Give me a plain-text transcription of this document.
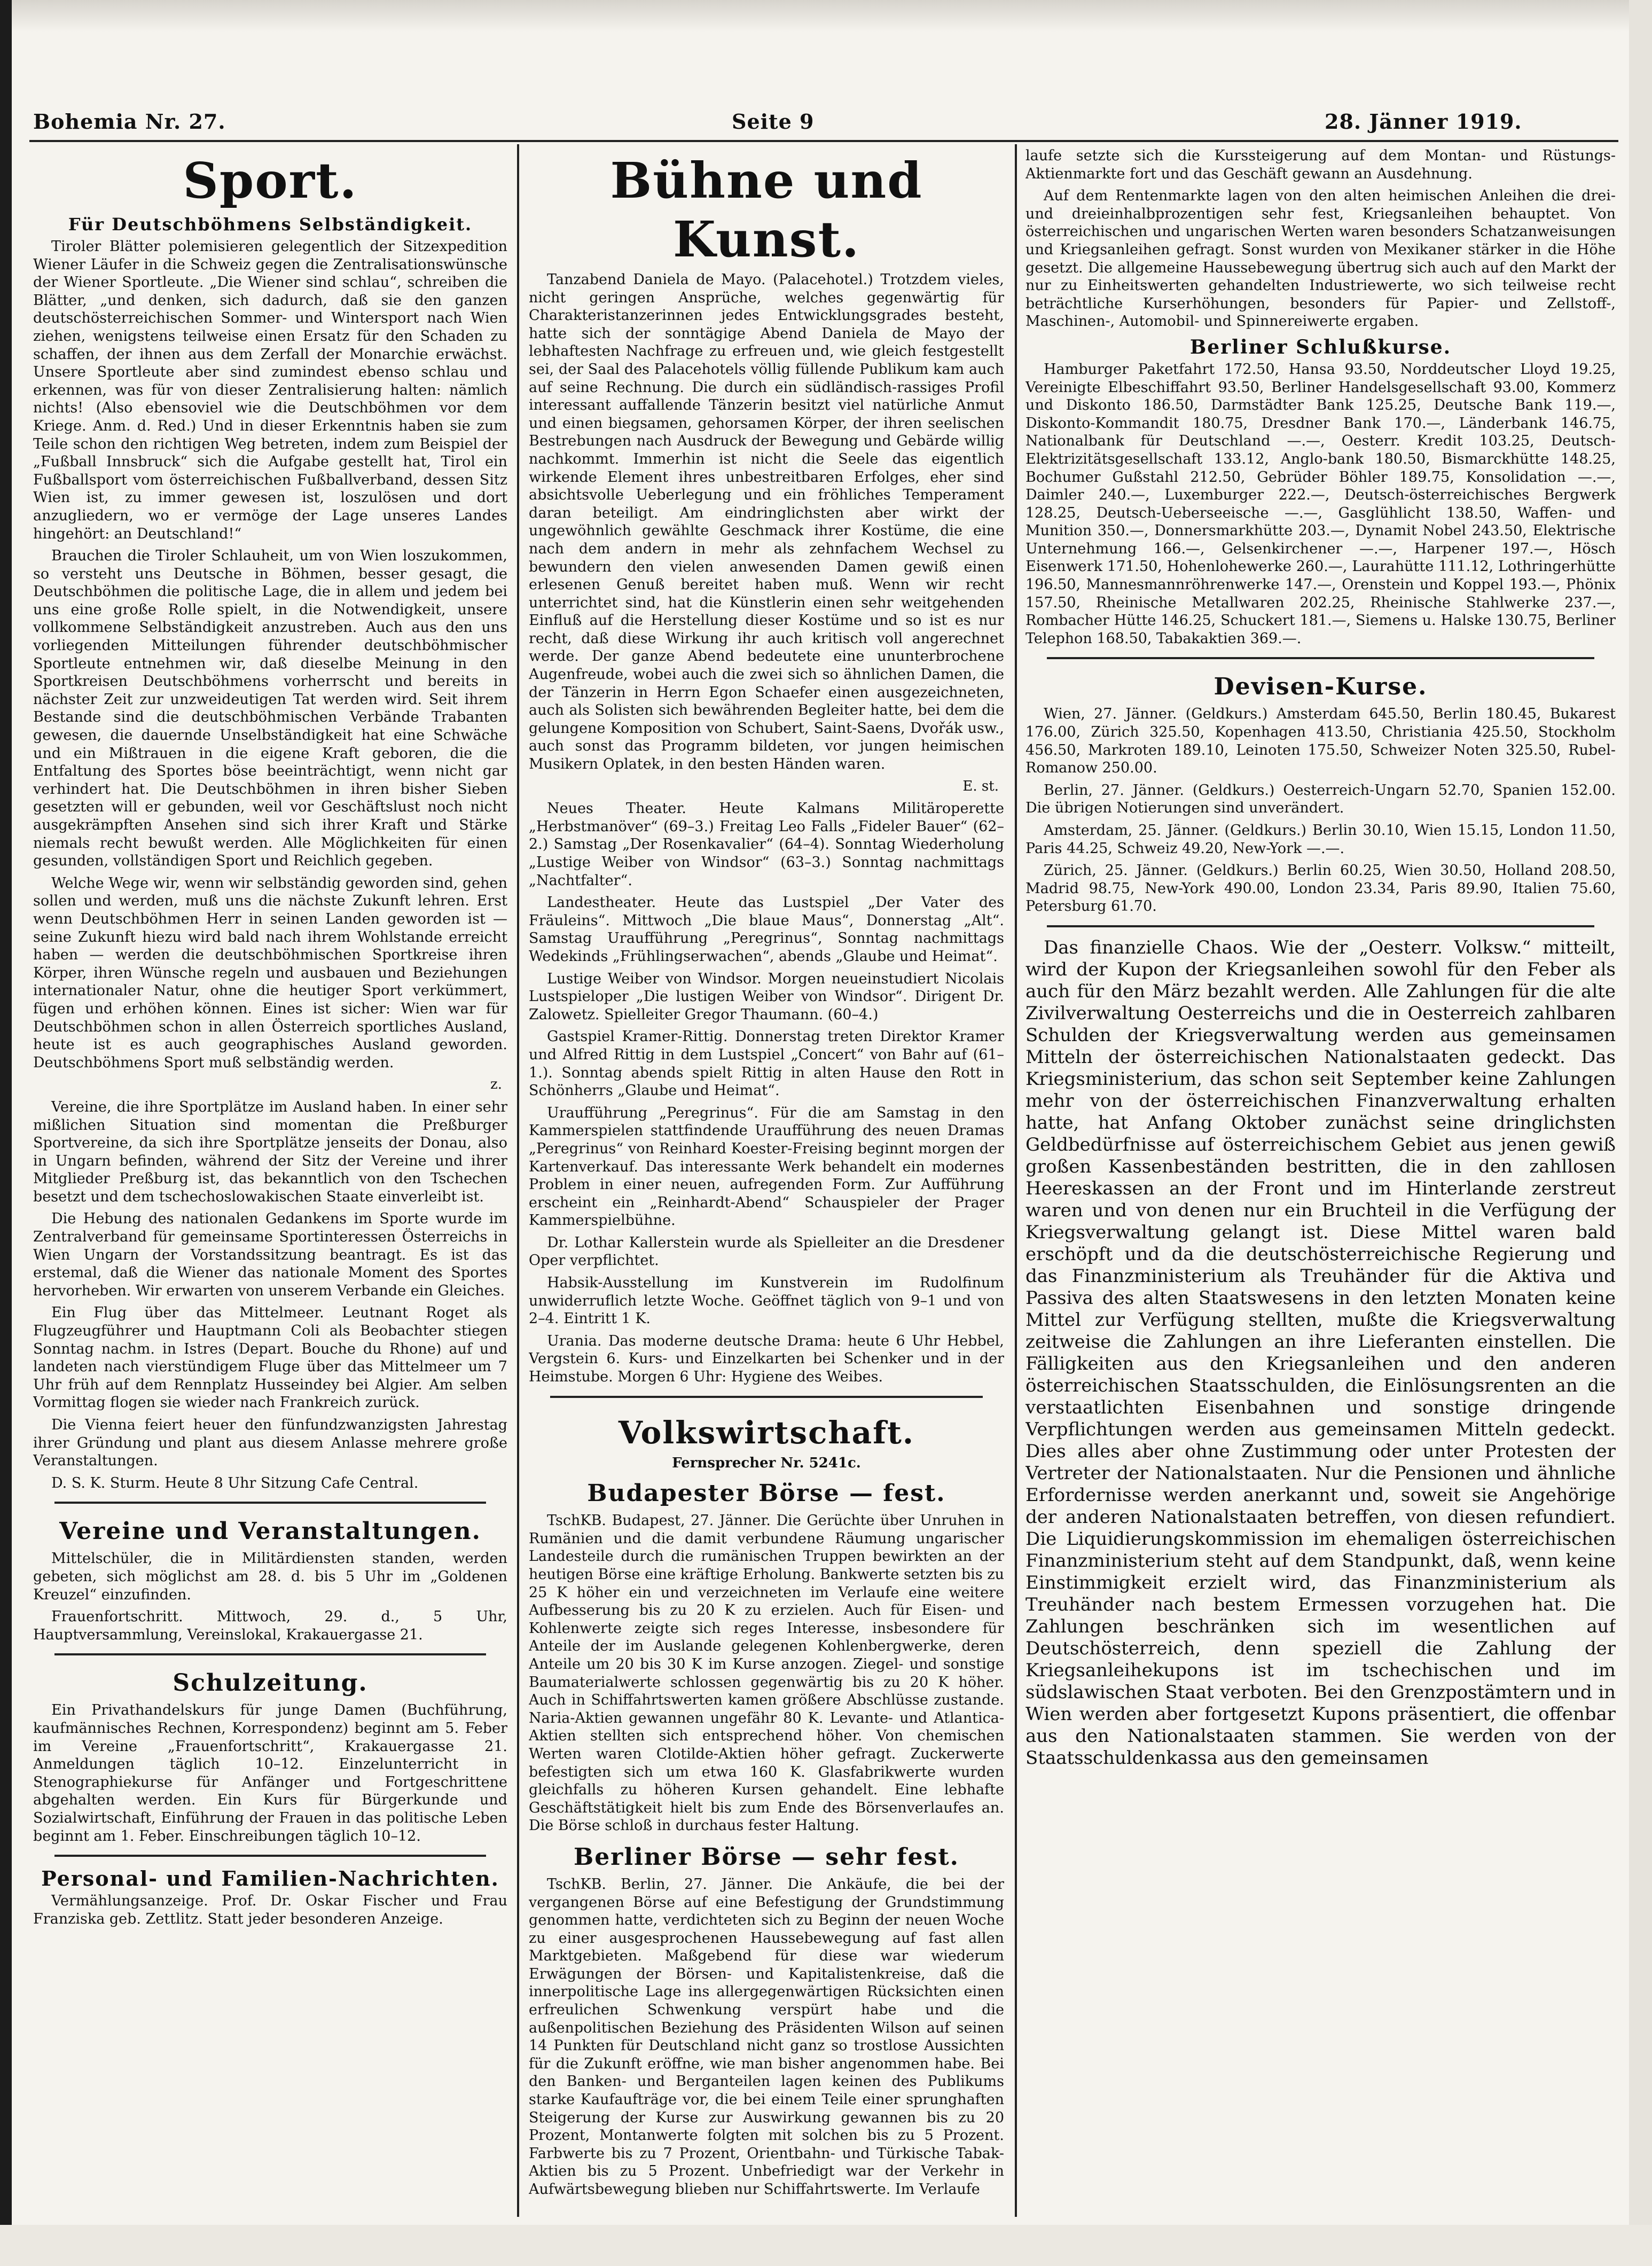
Bohemia Nr. 27.	Seite 9	28. Jänner 1919.
Sport.
Für Deutschböhmens Selbständigkeit.

Tiroler Blätter polemisieren gelegentlich der Sitzexpedition Wiener Läufer in die Schweiz gegen die Zentralisationswünsche der Wiener Sportleute. „Die Wiener sind schlau“, schreiben die Blätter, „und denken, sich dadurch, daß sie den ganzen deutschösterreichischen Sommer- und Wintersport nach Wien ziehen, wenigstens teilweise einen Ersatz für den Schaden zu schaffen, der ihnen aus dem Zerfall der Monarchie erwächst. Unsere Sportleute aber sind zumindest ebenso schlau und erkennen, was für von dieser Zentralisierung halten: nämlich nichts! (Also ebensoviel wie die Deutschböhmen vor dem Kriege. Anm. d. Red.) Und in dieser Erkenntnis haben sie zum Teile schon den richtigen Weg betreten, indem zum Beispiel der „Fußball Innsbruck“ sich die Aufgabe gestellt hat, Tirol ein Fußballsport vom österreichischen Fußballverband, dessen Sitz Wien ist, zu immer gewesen ist, loszulösen und dort anzugliedern, wo er vermöge der Lage unseres Landes hingehört: an Deutschland!“

Brauchen die Tiroler Schlauheit, um von Wien loszukommen, so versteht uns Deutsche in Böhmen, besser gesagt, die Deutschböhmen die politische Lage, die in allem und jedem bei uns eine große Rolle spielt, in die Notwendigkeit, unsere vollkommene Selbständigkeit anzustreben. Auch aus den uns vorliegenden Mitteilungen führender deutschböhmischer Sportleute entnehmen wir, daß dieselbe Meinung in den Sportkreisen Deutschböhmens vorherrscht und bereits in nächster Zeit zur unzweideutigen Tat werden wird. Seit ihrem Bestande sind die deutschböhmischen Verbände Trabanten gewesen, die dauernde Unselbständigkeit hat eine Schwäche und ein Mißtrauen in die eigene Kraft geboren, die die Entfaltung des Sportes böse beeinträchtigt, wenn nicht gar verhindert hat. Die Deutschböhmen in ihren bisher Sieben gesetzten will er gebunden, weil vor Geschäftslust noch nicht ausgekrämpften Ansehen sind sich ihrer Kraft und Stärke niemals recht bewußt werden. Alle Möglichkeiten für einen gesunden, vollständigen Sport und Reichlich gegeben.

Welche Wege wir, wenn wir selbständig geworden sind, gehen sollen und werden, muß uns die nächste Zukunft lehren. Erst wenn Deutschböhmen Herr in seinen Landen geworden ist — seine Zukunft hiezu wird bald nach ihrem Wohlstande erreicht haben — werden die deutschböhmischen Sportkreise ihren Körper, ihren Wünsche regeln und ausbauen und Beziehungen internationaler Natur, ohne die heutiger Sport verkümmert, fügen und erhöhen können. Eines ist sicher: Wien war für Deutschböhmen schon in allen Österreich sportliches Ausland, heute ist es auch geographisches Ausland geworden. Deutschböhmens Sport muß selbständig werden.

z.

Vereine, die ihre Sportplätze im Ausland haben. In einer sehr mißlichen Situation sind momentan die Preßburger Sportvereine, da sich ihre Sportplätze jenseits der Donau, also in Ungarn befinden, während der Sitz der Vereine und ihrer Mitglieder Preßburg ist, das bekanntlich von den Tschechen besetzt und dem tschechoslowakischen Staate einverleibt ist.

Die Hebung des nationalen Gedankens im Sporte wurde im Zentralverband für gemeinsame Sportinteressen Österreichs in Wien Ungarn der Vorstandssitzung beantragt. Es ist das erstemal, daß die Wiener das nationale Moment des Sportes hervorheben. Wir erwarten von unserem Verbande ein Gleiches.

Ein Flug über das Mittelmeer. Leutnant Roget als Flugzeugführer und Hauptmann Coli als Beobachter stiegen Sonntag nachm. in Istres (Depart. Bouche du Rhone) auf und landeten nach vierstündigem Fluge über das Mittelmeer um 7 Uhr früh auf dem Rennplatz Husseindey bei Algier. Am selben Vormittag flogen sie wieder nach Frankreich zurück.

Die Vienna feiert heuer den fünfundzwanzigsten Jahrestag ihrer Gründung und plant aus diesem Anlasse mehrere große Veranstaltungen.

D. S. K. Sturm. Heute 8 Uhr Sitzung Cafe Central.

Vereine und Veranstaltungen.

Mittelschüler, die in Militärdiensten standen, werden gebeten, sich möglichst am 28. d. bis 5 Uhr im „Goldenen Kreuzel“ einzufinden.

Frauenfortschritt. Mittwoch, 29. d., 5 Uhr, Hauptversammlung, Vereinslokal, Krakauergasse 21.

Schulzeitung.

Ein Privathandelskurs für junge Damen (Buchführung, kaufmännisches Rechnen, Korrespondenz) beginnt am 5. Feber im Vereine „Frauenfortschritt“, Krakauergasse 21. Anmeldungen täglich 10–12. Einzelunterricht in Stenographiekurse für Anfänger und Fortgeschrittene abgehalten werden. Ein Kurs für Bürgerkunde und Sozialwirtschaft, Einführung der Frauen in das politische Leben beginnt am 1. Feber. Einschreibungen täglich 10–12.

Personal- und Familien-Nachrichten.

Vermählungsanzeige. Prof. Dr. Oskar Fischer und Frau Franziska geb. Zettlitz. Statt jeder besonderen Anzeige.

Bühne und Kunst.

Tanzabend Daniela de Mayo. (Palacehotel.) Trotzdem vieles, nicht geringen Ansprüche, welches gegenwärtig für Charakteristanzerinnen jedes Entwicklungsgrades besteht, hatte sich der sonntägige Abend Daniela de Mayo der lebhaftesten Nachfrage zu erfreuen und, wie gleich festgestellt sei, der Saal des Palacehotels völlig füllende Publikum kam auch auf seine Rechnung. Die durch ein südländisch-rassiges Profil interessant auffallende Tänzerin besitzt viel natürliche Anmut und einen biegsamen, gehorsamen Körper, der ihren seelischen Bestrebungen nach Ausdruck der Bewegung und Gebärde willig nachkommt. Immerhin ist nicht die Seele das eigentlich wirkende Element ihres unbestreitbaren Erfolges, eher sind absichtsvolle Ueberlegung und ein fröhliches Temperament daran beteiligt. Am eindringlichsten aber wirkt der ungewöhnlich gewählte Geschmack ihrer Kostüme, die eine nach dem andern in mehr als zehnfachem Wechsel zu bewundern den vielen anwesenden Damen gewiß einen erlesenen Genuß bereitet haben muß. Wenn wir recht unterrichtet sind, hat die Künstlerin einen sehr weitgehenden Einfluß auf die Herstellung dieser Kostüme und so ist es nur recht, daß diese Wirkung ihr auch kritisch voll angerechnet werde. Der ganze Abend bedeutete eine ununterbrochene Augenfreude, wobei auch die zwei sich so ähnlichen Damen, die der Tänzerin in Herrn Egon Schaefer einen ausgezeichneten, auch als Solisten sich bewährenden Begleiter hatte, bei dem die gelungene Komposition von Schubert, Saint-Saens, Dvořák usw., auch sonst das Programm bildeten, vor jungen heimischen Musikern Oplatek, in den besten Händen waren.

E. st.

Neues Theater. Heute Kalmans Militäroperette „Herbstmanöver“ (69–3.) Freitag Leo Falls „Fideler Bauer“ (62–2.) Samstag „Der Rosenkavalier“ (64–4). Sonntag Wiederholung „Lustige Weiber von Windsor“ (63–3.) Sonntag nachmittags „Nachtfalter“.

Landestheater. Heute das Lustspiel „Der Vater des Fräuleins“. Mittwoch „Die blaue Maus“, Donnerstag „Alt“. Samstag Uraufführung „Peregrinus“, Sonntag nachmittags Wedekinds „Frühlingserwachen“, abends „Glaube und Heimat“.

Lustige Weiber von Windsor. Morgen neueinstudiert Nicolais Lustspieloper „Die lustigen Weiber von Windsor“. Dirigent Dr. Zalowetz. Spielleiter Gregor Thaumann. (60–4.)

Gastspiel Kramer-Rittig. Donnerstag treten Direktor Kramer und Alfred Rittig in dem Lustspiel „Concert“ von Bahr auf (61–1.). Sonntag abends spielt Rittig in alten Hause den Rott in Schönherrs „Glaube und Heimat“.

Uraufführung „Peregrinus“. Für die am Samstag in den Kammerspielen stattfindende Uraufführung des neuen Dramas „Peregrinus“ von Reinhard Koester-Freising beginnt morgen der Kartenverkauf. Das interessante Werk behandelt ein modernes Problem in einer neuen, aufregenden Form. Zur Aufführung erscheint ein „Reinhardt-Abend“ Schauspieler der Prager Kammerspielbühne.

Dr. Lothar Kallerstein wurde als Spielleiter an die Dresdener Oper verpflichtet.

Habsik-Ausstellung im Kunstverein im Rudolfinum unwiderruflich letzte Woche. Geöffnet täglich von 9–1 und von 2–4. Eintritt 1 K.

Urania. Das moderne deutsche Drama: heute 6 Uhr Hebbel, Vergstein 6. Kurs- und Einzelkarten bei Schenker und in der Heimstube. Morgen 6 Uhr: Hygiene des Weibes.

Volkswirtschaft.
Fernsprecher Nr. 5241c.
Budapester Börse — fest.

TschKB. Budapest, 27. Jänner. Die Gerüchte über Unruhen in Rumänien und die damit verbundene Räumung ungarischer Landesteile durch die rumänischen Truppen bewirkten an der heutigen Börse eine kräftige Erholung. Bankwerte setzten bis zu 25 K höher ein und verzeichneten im Verlaufe eine weitere Aufbesserung bis zu 20 K zu erzielen. Auch für Eisen- und Kohlenwerte zeigte sich reges Interesse, insbesondere für Anteile der im Auslande gelegenen Kohlenbergwerke, deren Anteile um 20 bis 30 K im Kurse anzogen. Ziegel- und sonstige Baumaterialwerte schlossen gegenwärtig bis zu 20 K höher. Auch in Schiffahrtswerten kamen größere Abschlüsse zustande. Naria-Aktien gewannen ungefähr 80 K. Levante- und Atlantica-Aktien stellten sich entsprechend höher. Von chemischen Werten waren Clotilde-Aktien höher gefragt. Zuckerwerte befestigten sich um etwa 160 K. Glasfabrikwerte wurden gleichfalls zu höheren Kursen gehandelt. Eine lebhafte Geschäftstätigkeit hielt bis zum Ende des Börsenverlaufes an. Die Börse schloß in durchaus fester Haltung.

Berliner Börse — sehr fest.

TschKB. Berlin, 27. Jänner. Die Ankäufe, die bei der vergangenen Börse auf eine Befestigung der Grundstimmung genommen hatte, verdichteten sich zu Beginn der neuen Woche zu einer ausgesprochenen Haussebewegung auf fast allen Marktgebieten. Maßgebend für diese war wiederum Erwägungen der Börsen- und Kapitalistenkreise, daß die innerpolitische Lage ins allergegenwärtigen Rücksichten einen erfreulichen Schwenkung verspürt habe und die außenpolitischen Beziehung des Präsidenten Wilson auf seinen 14 Punkten für Deutschland nicht ganz so trostlose Aussichten für die Zukunft eröffne, wie man bisher angenommen habe. Bei den Banken- und Berganteilen lagen keinen des Publikums starke Kaufaufträge vor, die bei einem Teile einer sprunghaften Steigerung der Kurse zur Auswirkung gewannen bis zu 20 Prozent, Montanwerte folgten mit solchen bis zu 5 Prozent. Farbwerte bis zu 7 Prozent, Orientbahn- und Türkische Tabak-Aktien bis zu 5 Prozent. Unbefriedigt war der Verkehr in Aufwärtsbewegung blieben nur Schiffahrtswerte. Im Verlaufe

laufe setzte sich die Kurssteigerung auf dem Montan- und Rüstungs-Aktienmarkte fort und das Geschäft gewann an Ausdehnung.

Auf dem Rentenmarkte lagen von den alten heimischen Anleihen die drei- und dreieinhalbprozentigen sehr fest, Kriegsanleihen behauptet. Von österreichischen und ungarischen Werten waren besonders Schatzanweisungen und Kriegsanleihen gefragt. Sonst wurden von Mexikaner stärker in die Höhe gesetzt. Die allgemeine Haussebewegung übertrug sich auch auf den Markt der nur zu Einheitswerten gehandelten Industriewerte, wo sich teilweise recht beträchtliche Kurserhöhungen, besonders für Papier- und Zellstoff-, Maschinen-, Automobil- und Spinnereiwerte ergaben.

Berliner Schlußkurse.

Hamburger Paketfahrt 172.50, Hansa 93.50, Norddeutscher Lloyd 19.25, Vereinigte Elbeschiffahrt 93.50, Berliner Handelsgesellschaft 93.00, Kommerz und Diskonto 186.50, Darmstädter Bank 125.25, Deutsche Bank 119.—, Diskonto-Kommandit 180.75, Dresdner Bank 170.—, Länderbank 146.75, Nationalbank für Deutschland —.—, Oesterr. Kredit 103.25, Deutsch-Elektrizitätsgesellschaft 133.12, Anglo-bank 180.50, Bismarckhütte 148.25, Bochumer Gußstahl 212.50, Gebrüder Böhler 189.75, Konsolidation —.—, Daimler 240.—, Luxemburger 222.—, Deutsch-österreichisches Bergwerk 128.25, Deutsch-Ueberseeische —.—, Gasglühlicht 138.50, Waffen- und Munition 350.—, Donnersmarkhütte 203.—, Dynamit Nobel 243.50, Elektrische Unternehmung 166.—, Gelsenkirchener —.—, Harpener 197.—, Hösch Eisenwerk 171.50, Hohenlohewerke 260.—, Laurahütte 111.12, Lothringerhütte 196.50, Mannesmannröhrenwerke 147.—, Orenstein und Koppel 193.—, Phönix 157.50, Rheinische Metallwaren 202.25, Rheinische Stahlwerke 237.—, Rombacher Hütte 146.25, Schuckert 181.—, Siemens u. Halske 130.75, Berliner Telephon 168.50, Tabakaktien 369.—.

Devisen-Kurse.

Wien, 27. Jänner. (Geldkurs.) Amsterdam 645.50, Berlin 180.45, Bukarest 176.00, Zürich 325.50, Kopenhagen 413.50, Christiania 425.50, Stockholm 456.50, Markroten 189.10, Leinoten 175.50, Schweizer Noten 325.50, Rubel-Romanow 250.00.

Berlin, 27. Jänner. (Geldkurs.) Oesterreich-Ungarn 52.70, Spanien 152.00. Die übrigen Notierungen sind unverändert.

Amsterdam, 25. Jänner. (Geldkurs.) Berlin 30.10, Wien 15.15, London 11.50, Paris 44.25, Schweiz 49.20, New-York —.—.

Zürich, 25. Jänner. (Geldkurs.) Berlin 60.25, Wien 30.50, Holland 208.50, Madrid 98.75, New-York 490.00, London 23.34, Paris 89.90, Italien 75.60, Petersburg 61.70.

Das finanzielle Chaos. Wie der „Oesterr. Volksw.“ mitteilt, wird der Kupon der Kriegsanleihen sowohl für den Feber als auch für den März bezahlt werden. Alle Zahlungen für die alte Zivilverwaltung Oesterreichs und die in Oesterreich zahlbaren Schulden der Kriegsverwaltung werden aus gemeinsamen Mitteln der österreichischen Nationalstaaten gedeckt. Das Kriegsministerium, das schon seit September keine Zahlungen mehr von der österreichischen Finanzverwaltung erhalten hatte, hat Anfang Oktober zunächst seine dringlichsten Geldbedürfnisse auf österreichischem Gebiet aus jenen gewiß großen Kassenbeständen bestritten, die in den zahllosen Heereskassen an der Front und im Hinterlande zerstreut waren und von denen nur ein Bruchteil in die Verfügung der Kriegsverwaltung gelangt ist. Diese Mittel waren bald erschöpft und da die deutschösterreichische Regierung und das Finanzministerium als Treuhänder für die Aktiva und Passiva des alten Staatswesens in den letzten Monaten keine Mittel zur Verfügung stellten, mußte die Kriegsverwaltung zeitweise die Zahlungen an ihre Lieferanten einstellen. Die Fälligkeiten aus den Kriegsanleihen und den anderen österreichischen Staatsschulden, die Einlösungsrenten an die verstaatlichten Eisenbahnen und sonstige dringende Verpflichtungen werden aus gemeinsamen Mitteln gedeckt. Dies alles aber ohne Zustimmung oder unter Protesten der Vertreter der Nationalstaaten. Nur die Pensionen und ähnliche Erfordernisse werden anerkannt und, soweit sie Angehörige der anderen Nationalstaaten betreffen, von diesen refundiert. Die Liquidierungskommission im ehemaligen österreichischen Finanzministerium steht auf dem Standpunkt, daß, wenn keine Einstimmigkeit erzielt wird, das Finanzministerium als Treuhänder nach bestem Ermessen vorzugehen hat. Die Zahlungen beschränken sich im wesentlichen auf Deutschösterreich, denn speziell die Zahlung der Kriegsanleihekupons ist im tschechischen und im südslawischen Staat verboten. Bei den Grenzpostämtern und in Wien werden aber fortgesetzt Kupons präsentiert, die offenbar aus den Nationalstaaten stammen. Sie werden von der Staatsschuldenkassa aus den gemeinsamen
